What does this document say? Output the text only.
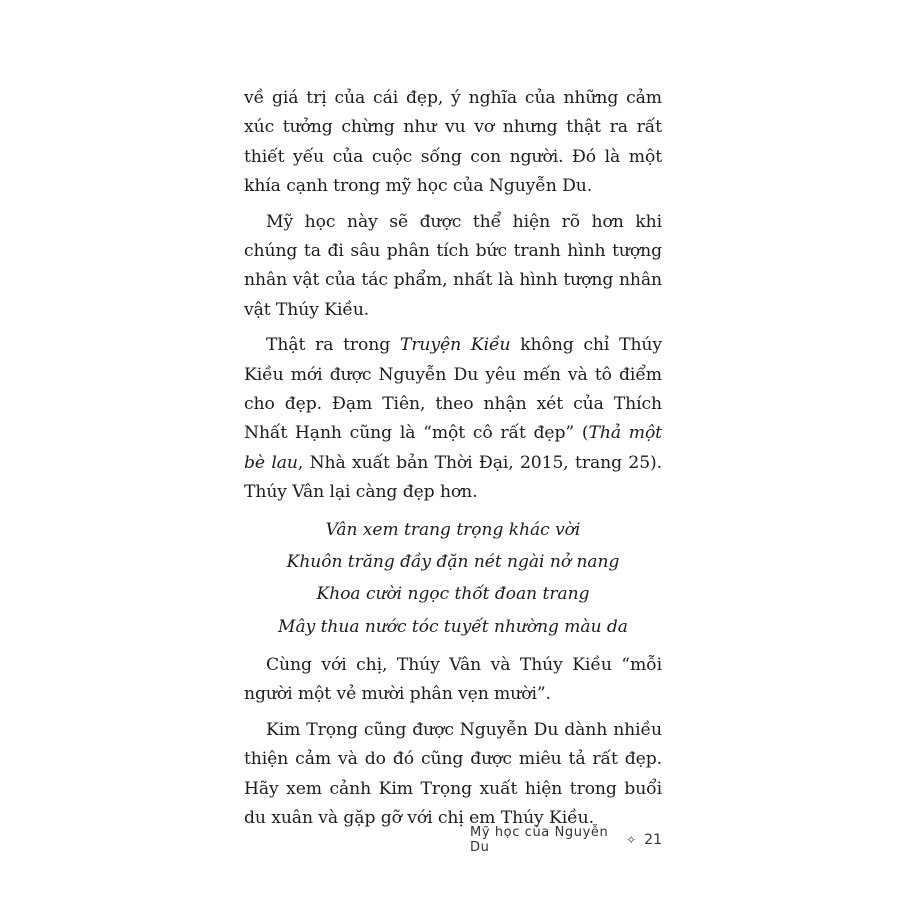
về giá trị của cái đẹp, ý nghĩa của những cảm xúc tưởng chừng như vu vơ nhưng thật ra rất thiết yếu của cuộc sống con người. Đó là một khía cạnh trong mỹ học của Nguyễn Du.

Mỹ học này sẽ được thể hiện rõ hơn khi chúng ta đi sâu phân tích bức tranh hình tượng nhân vật của tác phẩm, nhất là hình tượng nhân vật Thúy Kiều.

Thật ra trong Truyện Kiều không chỉ Thúy Kiều mới được Nguyễn Du yêu mến và tô điểm cho đẹp. Đạm Tiên, theo nhận xét của Thích Nhất Hạnh cũng là “một cô rất đẹp” (Thả một bè lau, Nhà xuất bản Thời Đại, 2015, trang 25). Thúy Vân lại càng đẹp hơn.

Vân xem trang trọng khác vời
Khuôn trăng đầy đặn nét ngài nở nang
Khoa cười ngọc thốt đoan trang
Mây thua nước tóc tuyết nhường màu da

Cùng với chị, Thúy Vân và Thúy Kiều “mỗi người một vẻ mười phân vẹn mười”.

Kim Trọng cũng được Nguyễn Du dành nhiều thiện cảm và do đó cũng được miêu tả rất đẹp. Hãy xem cảnh Kim Trọng xuất hiện trong buổi du xuân và gặp gỡ với chị em Thúy Kiều.

Mỹ học của Nguyễn Du	✧ 21
